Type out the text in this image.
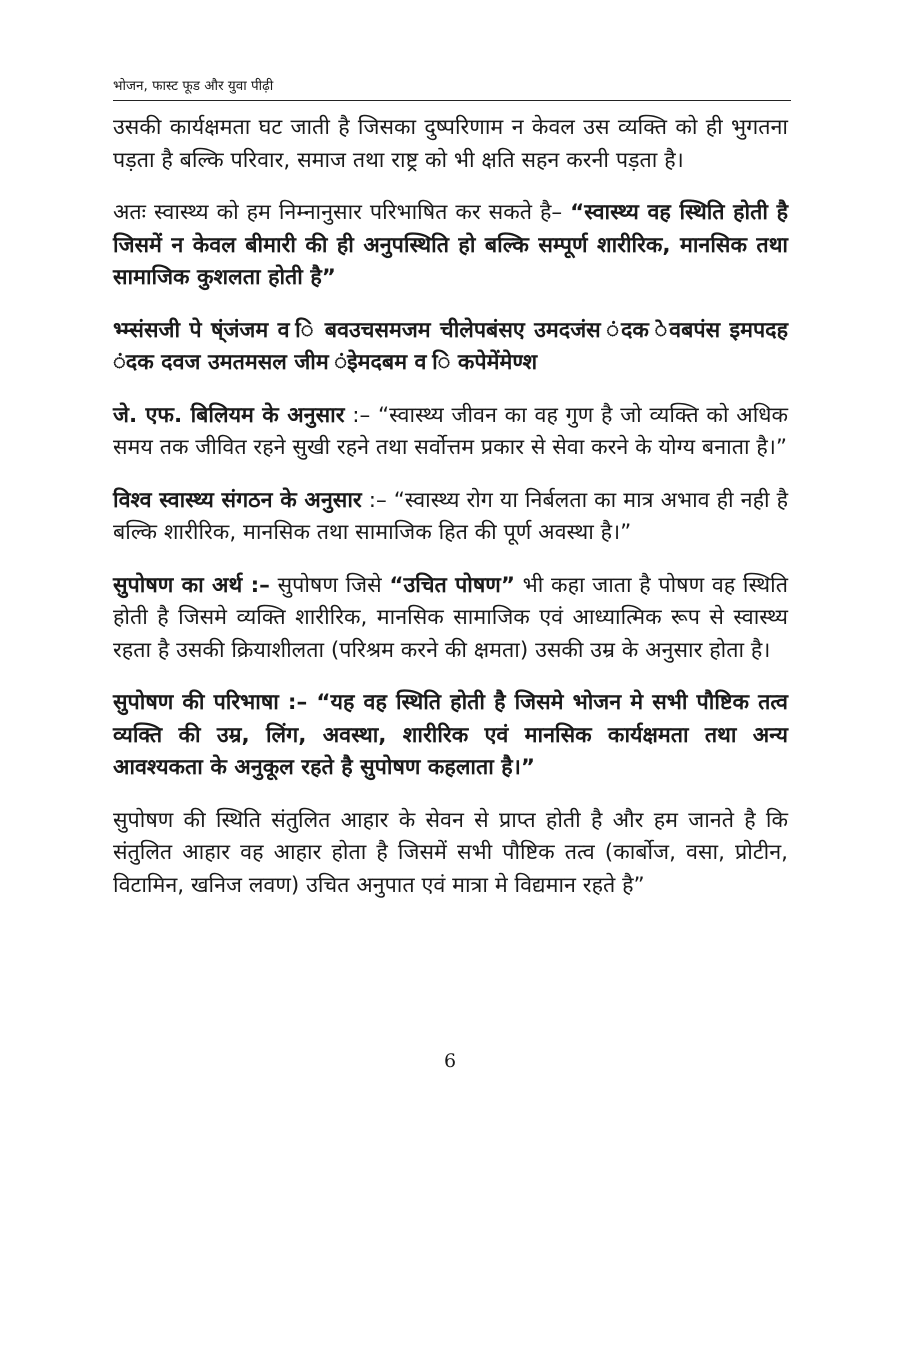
भोजन, फास्ट फूड और युवा पीढ़ी

उसकी कार्यक्षमता घट जाती है जिसका दुष्परिणाम न केवल उस व्यक्ति को ही भुगतना पड़ता है बल्कि परिवार, समाज तथा राष्ट्र को भी क्षति सहन करनी पड़ता है।

अतः स्वास्थ्य को हम निम्नानुसार परिभाषित कर सकते है– “स्वास्थ्य वह स्थिति होती है जिसमें न केवल बीमारी की ही अनुपस्थिति हो बल्कि सम्पूर्ण शारीरिक, मानसिक तथा सामाजिक कुशलता होती है”

भ्म्संसजी पे ष्ंजंजम व ि बवउचसमजम चीलेपबंसए उमदजंस ंदक ेवबपंस इमपदह ंदक दवज उमतमसल जीम ंइेमदबम व ि कपेमेंमेण्श

जे. एफ. बिलियम के अनुसार :– “स्वास्थ्य जीवन का वह गुण है जो व्यक्ति को अधिक समय तक जीवित रहने सुखी रहने तथा सर्वोत्तम प्रकार से सेवा करने के योग्य बनाता है।”

विश्व स्वास्थ्य संगठन के अनुसार :– “स्वास्थ्य रोग या निर्बलता का मात्र अभाव ही नही है बल्कि शारीरिक, मानसिक तथा सामाजिक हित की पूर्ण अवस्था है।”

सुपोषण का अर्थ :– सुपोषण जिसे “उचित पोषण” भी कहा जाता है पोषण वह स्थिति होती है जिसमे व्यक्ति शारीरिक, मानसिक सामाजिक एवं आध्यात्मिक रूप से स्वास्थ्य रहता है उसकी क्रियाशीलता (परिश्रम करने की क्षमता) उसकी उम्र के अनुसार होता है।

सुपोषण की परिभाषा :– “यह वह स्थिति होती है जिसमे भोजन मे सभी पौष्टिक तत्व व्यक्ति की उम्र, लिंग, अवस्था, शारीरिक एवं मानसिक कार्यक्षमता तथा अन्य आवश्यकता के अनुकूल रहते है सुपोषण कहलाता है।”

सुपोषण की स्थिति संतुलित आहार के सेवन से प्राप्त होती है और हम जानते है कि संतुलित आहार वह आहार होता है जिसमें सभी पौष्टिक तत्व (कार्बोज, वसा, प्रोटीन, विटामिन, खनिज लवण) उचित अनुपात एवं मात्रा मे विद्यमान रहते है”

6
